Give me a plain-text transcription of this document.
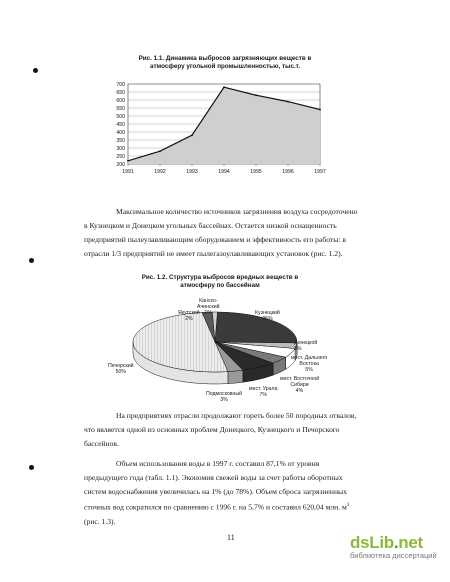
Рис. 1.1. Динамика выбросов загрязняющих веществ в
атмосферу угольной промышленностью, тыс.т.
200
250
300
350
400
450
500
550
600
650
700
1991	1992	1993	1994	1995	1996	1997
Максимальное количество источников загрязнения воздуха сосредоточено
в Кузнецком и Донецком угольных бассейнах. Остается низкой оснащенность
предприятий пылеулавливающим оборудованием и эффективность его работы: в
отрасли 1/3 предприятий не имеет пылегазоулавливающих установок (рис. 1.2).
Рис. 1.2. Структура выбросов вредных веществ в
атмосферу по бассейнам
Канско-
Ачинский
1%
Якутский
2%
Кузнецкий
25%
Донецкой
3%
мест. Дальнего
Востока
5%
мест. Восточной
Сибири
4%
мест. Урала
7%
Подмосковный
3%
Печорский
50%
На предприятиях отрасли продолжают гореть более 50 породных отвалов,
что является одной из основных проблем Донецкого, Кузнецкого и Печорского
бассейнов.
Объем использования воды в 1997 г. составил 87,1% от уровня
предыдущего года (табл. 1.1). Экономия свежей воды за счет работы оборотных
систем водоснабжения увеличилась на 1% (до 78%). Объем сброса загрязненных
сточных вод сократился по сравнению с 1996 г. на 5,7% и составил 620,04 млн. $м^3$
(рис. 1.3).
11	dsLib.net
библиотека диссертаций
